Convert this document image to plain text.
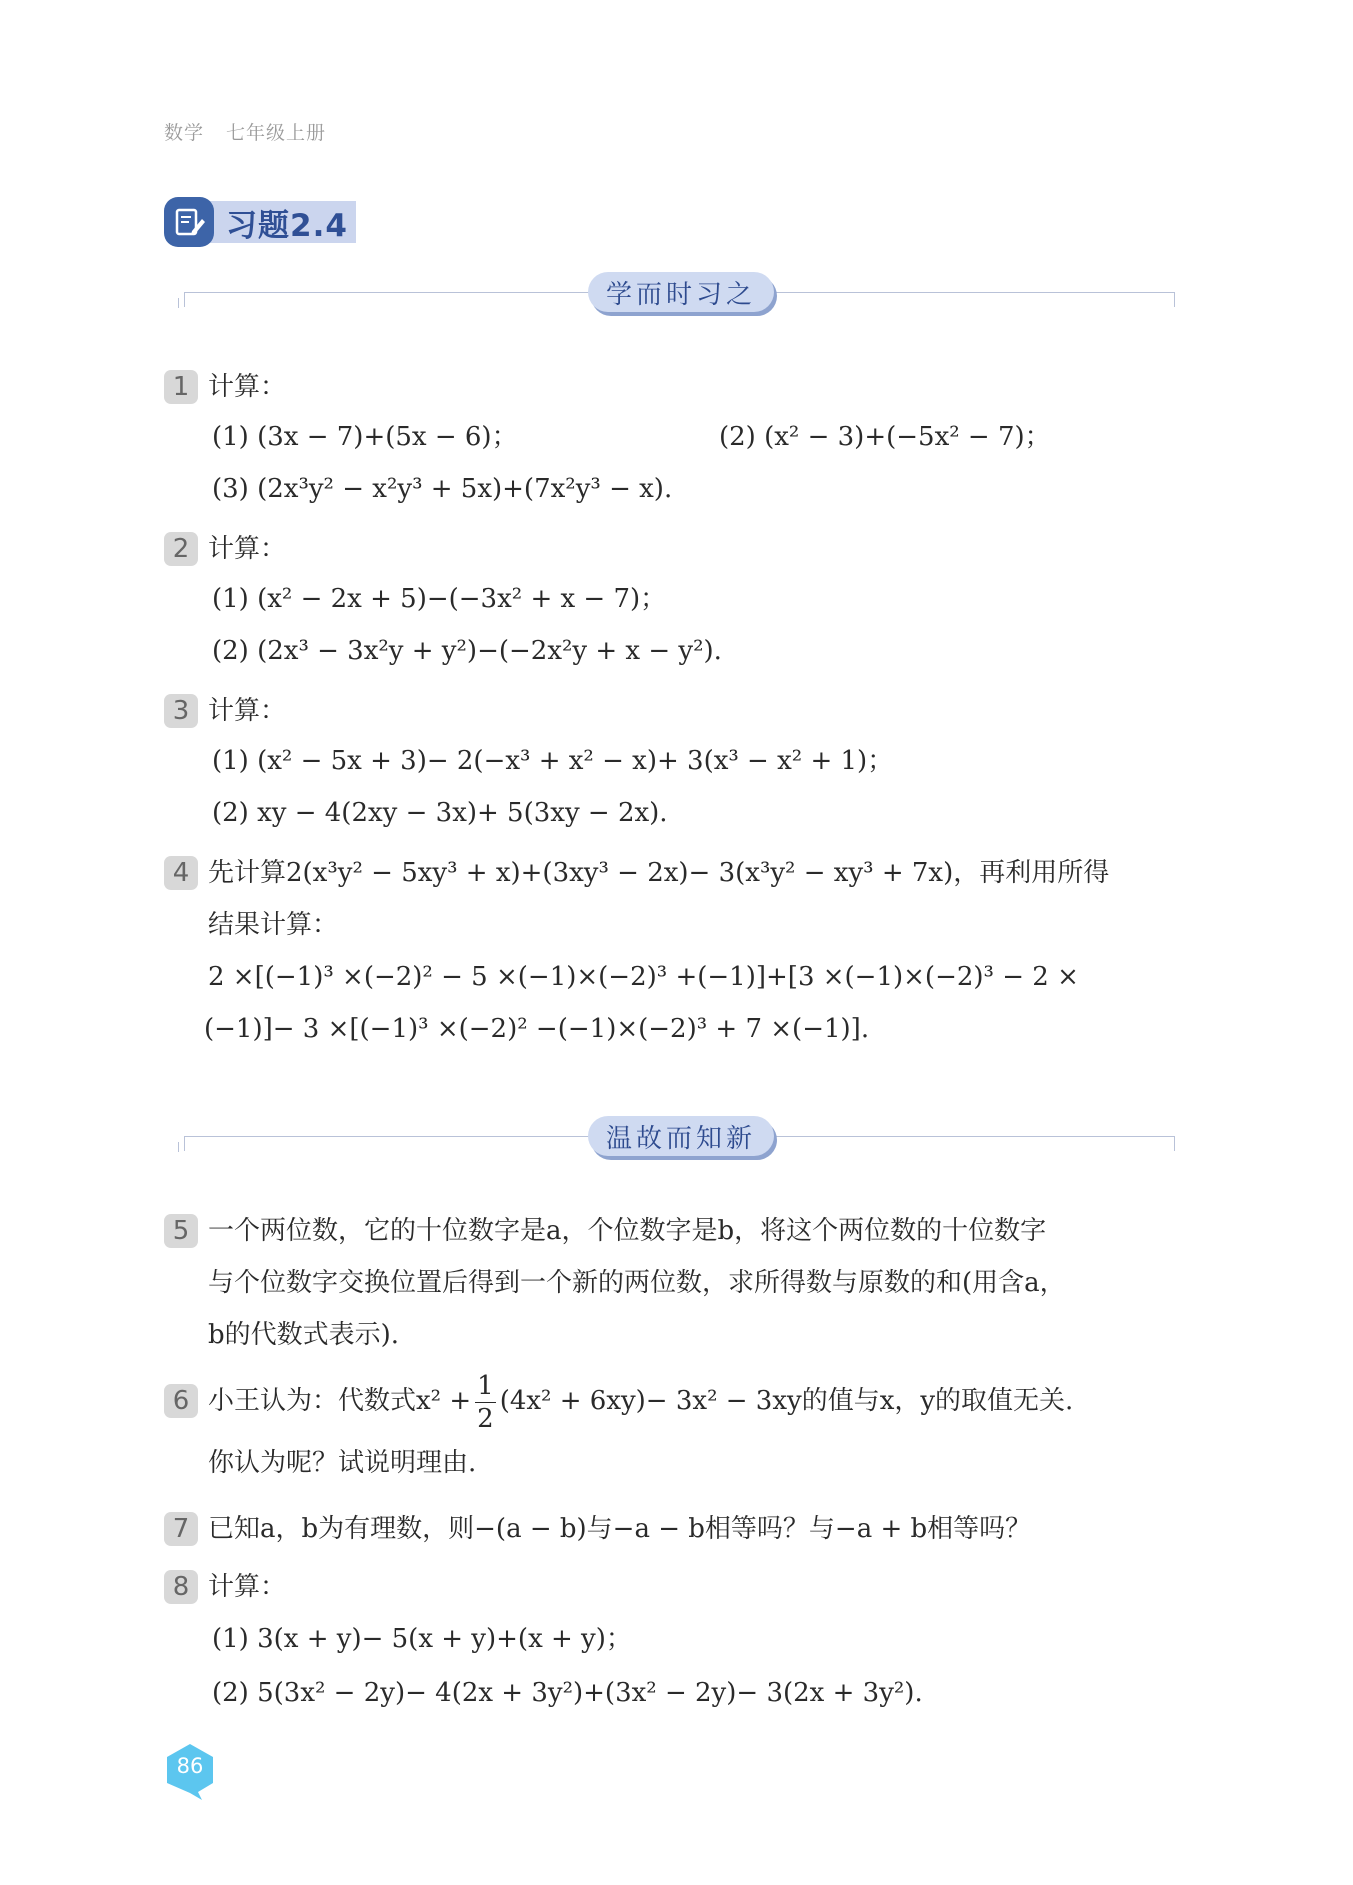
数学 七年级上册
习题2.4
学而时习之
1 计算：
(1) (3x − 7)+(5x − 6)；	(2) (x² − 3)+(−5x² − 7)；
(3) (2x³y² − x²y³ + 5x)+(7x²y³ − x).
2 计算：
(1) (x² − 2x + 5)−(−3x² + x − 7)；
(2) (2x³ − 3x²y + y²)−(−2x²y + x − y²).
3 计算：
(1) (x² − 5x + 3)− 2(−x³ + x² − x)+ 3(x³ − x² + 1)；
(2) xy − 4(2xy − 3x)+ 5(3xy − 2x).
4 先计算2(x³y² − 5xy³ + x)+(3xy³ − 2x)− 3(x³y² − xy³ + 7x)，再利用所得
结果计算：
2 ×[(−1)³ ×(−2)² − 5 ×(−1)×(−2)³ +(−1)]+[3 ×(−1)×(−2)³ − 2 ×
(−1)]− 3 ×[(−1)³ ×(−2)² −(−1)×(−2)³ + 7 ×(−1)].
温故而知新
5 一个两位数，它的十位数字是a，个位数字是b，将这个两位数的十位数字
与个位数字交换位置后得到一个新的两位数，求所得数与原数的和(用含a，
b的代数式表示).
6 小王认为：代数式$x^2 + \frac{1}{2} (4x^2 + 6xy)- 3x^2 - 3xy$的值与x，y的取值无关.
你认为呢？试说明理由.
7 已知a，b为有理数，则−(a − b)与−a − b相等吗？与−a + b相等吗？
8 计算：
(1) 3(x + y)− 5(x + y)+(x + y)；
(2) 5(3x² − 2y)− 4(2x + 3y²)+(3x² − 2y)− 3(2x + 3y²).
86
